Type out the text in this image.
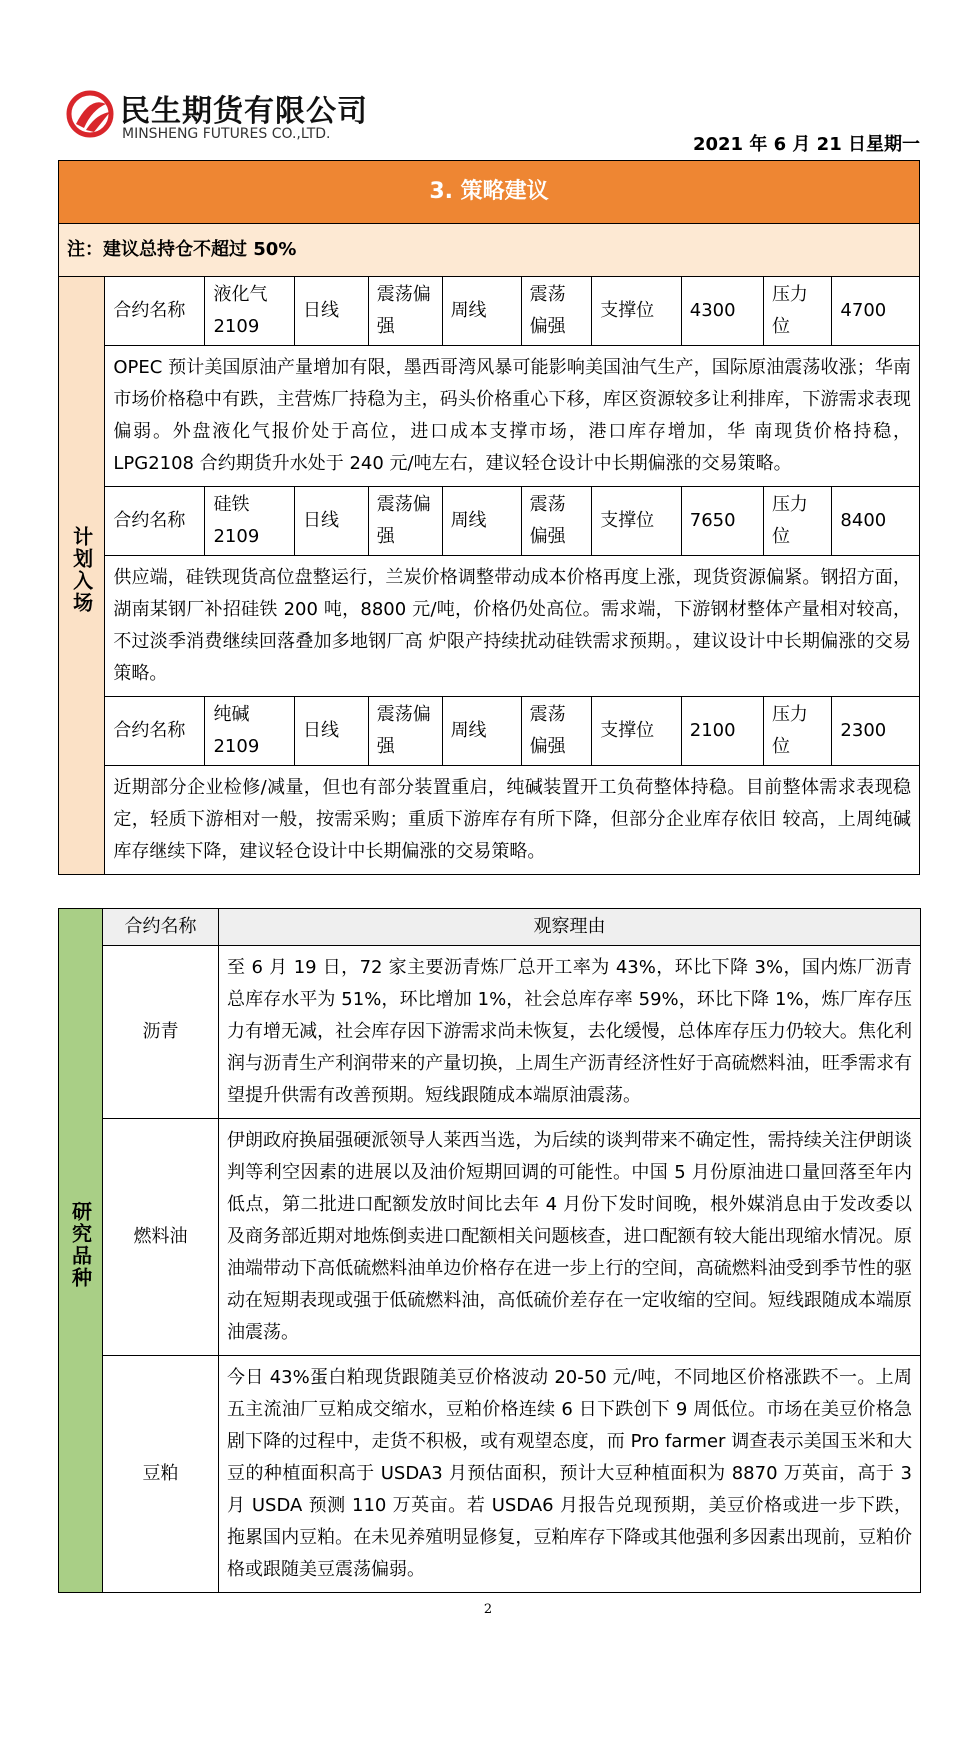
民生期货有限公司
MINSHENG FUTURES CO.,LTD.	2021 年 6 月 21 日星期一
3. 策略建议										
注：建议总持仓不超过 50%										
计划入场	合约名称	液化气 2109	日线	震荡偏强	周线	震荡偏强	支撑位	4300	压力位	4700
	OPEC 预计美国原油产量增加有限，墨西哥湾风暴可能影响美国油气生产，国际原油震荡收涨；华南市场价格稳中有跌，主营炼厂持稳为主，码头价格重心下移，库区资源较多让利排库，下游需求表现偏弱。外盘液化气报价处于高位，进口成本支撑市场，港口库存增加，华 南现货价格持稳，LPG2108 合约期货升水处于 240 元/吨左右，建议轻仓设计中长期偏涨的交易策略。									
	合约名称	硅铁 2109	日线	震荡偏强	周线	震荡偏强	支撑位	7650	压力位	8400
	供应端，硅铁现货高位盘整运行，兰炭价格调整带动成本价格再度上涨，现货资源偏紧。钢招方面，湖南某钢厂补招硅铁 200 吨，8800 元/吨，价格仍处高位。需求端，下游钢材整体产量相对较高，不过淡季消费继续回落叠加多地钢厂高 炉限产持续扰动硅铁需求预期。，建议设计中长期偏涨的交易策略。									
	合约名称	纯碱 2109	日线	震荡偏强	周线	震荡偏强	支撑位	2100	压力位	2300
	近期部分企业检修/减量，但也有部分装置重启，纯碱装置开工负荷整体持稳。目前整体需求表现稳定，轻质下游相对一般，按需采购；重质下游库存有所下降，但部分企业库存依旧 较高，上周纯碱库存继续下降，建议轻仓设计中长期偏涨的交易策略。									
研究品种	合约名称	观察理由
	沥青	至 6 月 19 日，72 家主要沥青炼厂总开工率为 43%，环比下降 3%，国内炼厂沥青总库存水平为 51%，环比增加 1%，社会总库存率 59%，环比下降 1%，炼厂库存压力有增无减，社会库存因下游需求尚未恢复，去化缓慢，总体库存压力仍较大。焦化利润与沥青生产利润带来的产量切换，上周生产沥青经济性好于高硫燃料油，旺季需求有望提升供需有改善预期。短线跟随成本端原油震荡。
	燃料油	伊朗政府换届强硬派领导人莱西当选，为后续的谈判带来不确定性，需持续关注伊朗谈判等利空因素的进展以及油价短期回调的可能性。中国 5 月份原油进口量回落至年内低点，第二批进口配额发放时间比去年 4 月份下发时间晚，根外媒消息由于发改委以及商务部近期对地炼倒卖进口配额相关问题核查，进口配额有较大能出现缩水情况。原油端带动下高低硫燃料油单边价格存在进一步上行的空间，高硫燃料油受到季节性的驱动在短期表现或强于低硫燃料油，高低硫价差存在一定收缩的空间。短线跟随成本端原油震荡。
	豆粕	今日 43%蛋白粕现货跟随美豆价格波动 20-50 元/吨，不同地区价格涨跌不一。上周五主流油厂豆粕成交缩水，豆粕价格连续 6 日下跌创下 9 周低位。市场在美豆价格急剧下降的过程中，走货不积极，或有观望态度，而 Pro farmer 调查表示美国玉米和大豆的种植面积高于 USDA3 月预估面积，预计大豆种植面积为 8870 万英亩，高于 3 月 USDA 预测 110 万英亩。若 USDA6 月报告兑现预期，美豆价格或进一步下跌，拖累国内豆粕。在未见养殖明显修复，豆粕库存下降或其他强利多因素出现前，豆粕价格或跟随美豆震荡偏弱。
2
